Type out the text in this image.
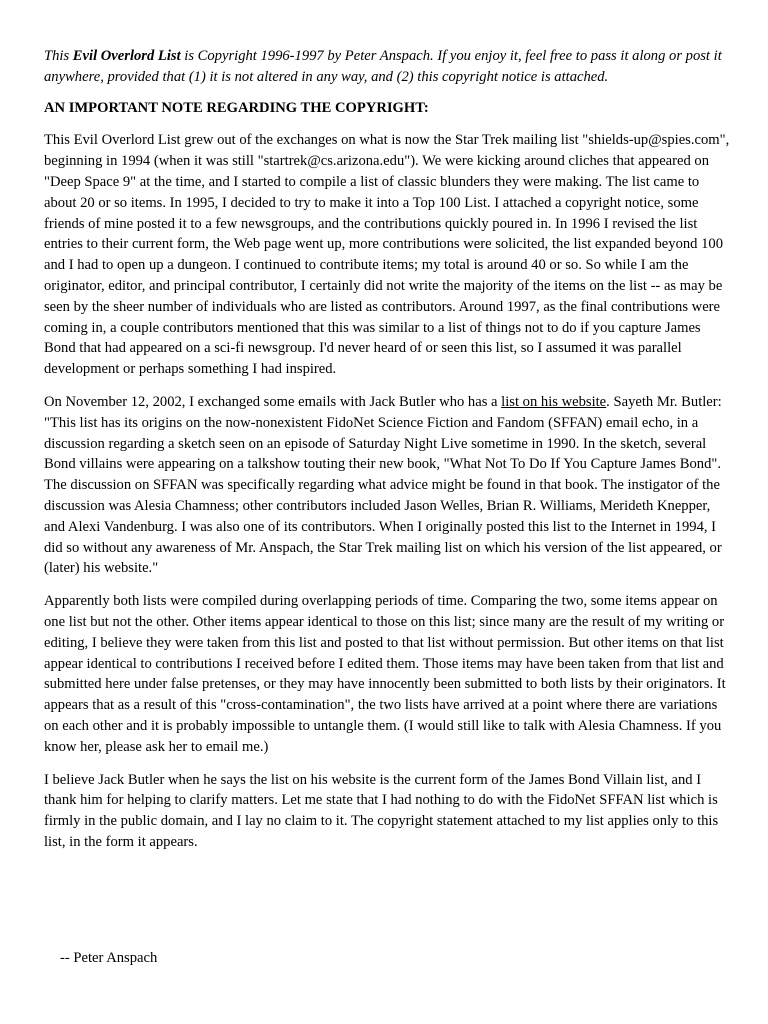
This Evil Overlord List is Copyright 1996-1997 by Peter Anspach. If you enjoy it, feel free to pass it along or post it anywhere, provided that (1) it is not altered in any way, and (2) this copyright notice is attached.

AN IMPORTANT NOTE REGARDING THE COPYRIGHT:

This Evil Overlord List grew out of the exchanges on what is now the Star Trek mailing list "shields-up@spies.com", beginning in 1994 (when it was still "startrek@cs.arizona.edu"). We were kicking around cliches that appeared on "Deep Space 9" at the time, and I started to compile a list of classic blunders they were making. The list came to about 20 or so items. In 1995, I decided to try to make it into a Top 100 List. I attached a copyright notice, some friends of mine posted it to a few newsgroups, and the contributions quickly poured in. In 1996 I revised the list entries to their current form, the Web page went up, more contributions were solicited, the list expanded beyond 100 and I had to open up a dungeon. I continued to contribute items; my total is around 40 or so. So while I am the originator, editor, and principal contributor, I certainly did not write the majority of the items on the list -- as may be seen by the sheer number of individuals who are listed as contributors. Around 1997, as the final contributions were coming in, a couple contributors mentioned that this was similar to a list of things not to do if you capture James Bond that had appeared on a sci-fi newsgroup. I'd never heard of or seen this list, so I assumed it was parallel development or perhaps something I had inspired.

On November 12, 2002, I exchanged some emails with Jack Butler who has a list on his website. Sayeth Mr. Butler: "This list has its origins on the now-nonexistent FidoNet Science Fiction and Fandom (SFFAN) email echo, in a discussion regarding a sketch seen on an episode of Saturday Night Live sometime in 1990. In the sketch, several Bond villains were appearing on a talkshow touting their new book, "What Not To Do If You Capture James Bond". The discussion on SFFAN was specifically regarding what advice might be found in that book. The instigator of the discussion was Alesia Chamness; other contributors included Jason Welles, Brian R. Williams, Merideth Knepper, and Alexi Vandenburg. I was also one of its contributors. When I originally posted this list to the Internet in 1994, I did so without any awareness of Mr. Anspach, the Star Trek mailing list on which his version of the list appeared, or (later) his website."

Apparently both lists were compiled during overlapping periods of time. Comparing the two, some items appear on one list but not the other. Other items appear identical to those on this list; since many are the result of my writing or editing, I believe they were taken from this list and posted to that list without permission. But other items on that list appear identical to contributions I received before I edited them. Those items may have been taken from that list and submitted here under false pretenses, or they may have innocently been submitted to both lists by their originators. It appears that as a result of this "cross-contamination", the two lists have arrived at a point where there are variations on each other and it is probably impossible to untangle them. (I would still like to talk with Alesia Chamness. If you know her, please ask her to email me.)

I believe Jack Butler when he says the list on his website is the current form of the James Bond Villain list, and I thank him for helping to clarify matters. Let me state that I had nothing to do with the FidoNet SFFAN list which is firmly in the public domain, and I lay no claim to it. The copyright statement attached to my list applies only to this list, in the form it appears.

-- Peter Anspach
